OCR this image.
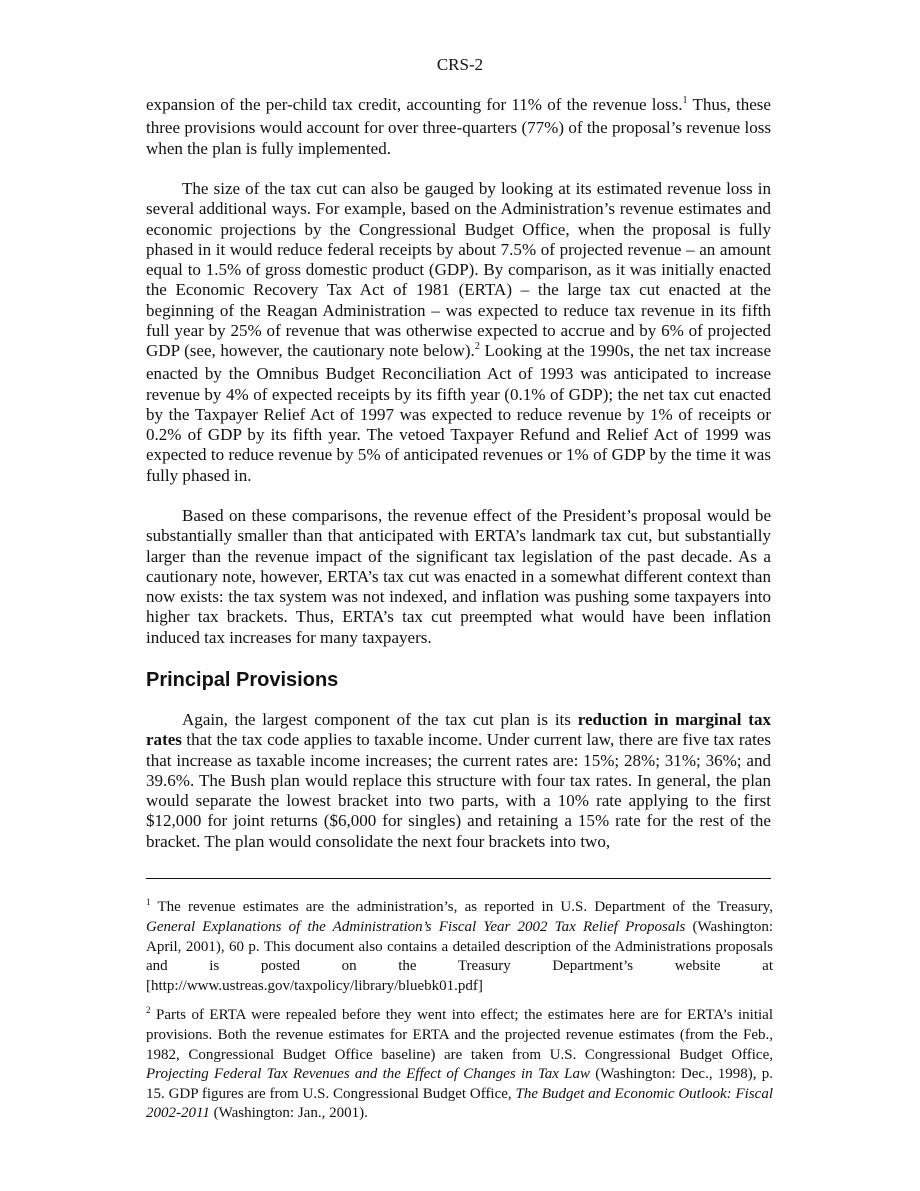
CRS-2

expansion of the per-child tax credit, accounting for 11% of the revenue loss.$^1$ Thus, these three provisions would account for over three-quarters (77%) of the proposal’s revenue loss when the plan is fully implemented.

The size of the tax cut can also be gauged by looking at its estimated revenue loss in several additional ways. For example, based on the Administration’s revenue estimates and economic projections by the Congressional Budget Office, when the proposal is fully phased in it would reduce federal receipts by about 7.5% of projected revenue – an amount equal to 1.5% of gross domestic product (GDP). By comparison, as it was initially enacted the Economic Recovery Tax Act of 1981 (ERTA) – the large tax cut enacted at the beginning of the Reagan Administration – was expected to reduce tax revenue in its fifth full year by 25% of revenue that was otherwise expected to accrue and by 6% of projected GDP (see, however, the cautionary note below).$^2$ Looking at the 1990s, the net tax increase enacted by the Omnibus Budget Reconciliation Act of 1993 was anticipated to increase revenue by 4% of expected receipts by its fifth year (0.1% of GDP); the net tax cut enacted by the Taxpayer Relief Act of 1997 was expected to reduce revenue by 1% of receipts or 0.2% of GDP by its fifth year. The vetoed Taxpayer Refund and Relief Act of 1999 was expected to reduce revenue by 5% of anticipated revenues or 1% of GDP by the time it was fully phased in.

Based on these comparisons, the revenue effect of the President’s proposal would be substantially smaller than that anticipated with ERTA’s landmark tax cut, but substantially larger than the revenue impact of the significant tax legislation of the past decade. As a cautionary note, however, ERTA’s tax cut was enacted in a somewhat different context than now exists: the tax system was not indexed, and inflation was pushing some taxpayers into higher tax brackets. Thus, ERTA’s tax cut preempted what would have been inflation induced tax increases for many taxpayers.

Principal Provisions

Again, the largest component of the tax cut plan is its reduction in marginal tax rates that the tax code applies to taxable income. Under current law, there are five tax rates that increase as taxable income increases; the current rates are: 15%; 28%; 31%; 36%; and 39.6%. The Bush plan would replace this structure with four tax rates. In general, the plan would separate the lowest bracket into two parts, with a 10% rate applying to the first $12,000 for joint returns ($6,000 for singles) and retaining a 15% rate for the rest of the bracket. The plan would consolidate the next four brackets into two,

$^1$ The revenue estimates are the administration’s, as reported in U.S. Department of the Treasury, General Explanations of the Administration’s Fiscal Year 2002 Tax Relief Proposals (Washington: April, 2001), 60 p. This document also contains a detailed description of the Administrations proposals and is posted on the Treasury Department’s website at [http://www.ustreas.gov/taxpolicy/library/bluebk01.pdf]

$^2$ Parts of ERTA were repealed before they went into effect; the estimates here are for ERTA’s initial provisions. Both the revenue estimates for ERTA and the projected revenue estimates (from the Feb., 1982, Congressional Budget Office baseline) are taken from U.S. Congressional Budget Office, Projecting Federal Tax Revenues and the Effect of Changes in Tax Law (Washington: Dec., 1998), p. 15. GDP figures are from U.S. Congressional Budget Office, The Budget and Economic Outlook: Fiscal 2002-2011 (Washington: Jan., 2001).
